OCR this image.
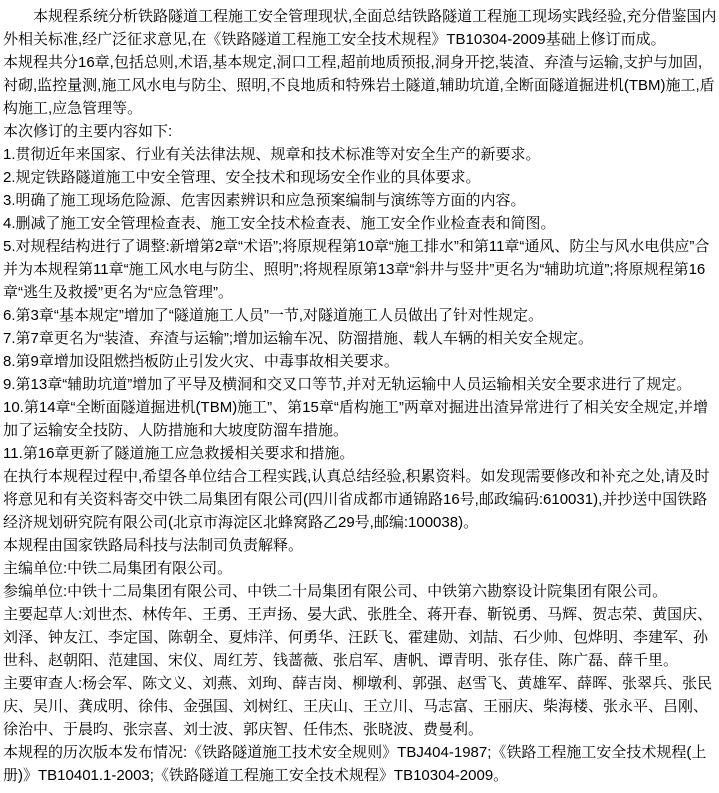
本规程系统分析铁路隧道工程施工安全管理现状,全面总结铁路隧道工程施工现场实践经验,充分借鉴国内外相关标准,经广泛征求意见,在《铁路隧道工程施工安全技术规程》TB10304-2009基础上修订而成。

本规程共分16章,包括总则,术语,基本规定,洞口工程,超前地质预报,洞身开挖,装渣、弃渣与运输,支护与加固,衬砌,监控量测,施工风水电与防尘、照明,不良地质和特殊岩土隧道,辅助坑道,全断面隧道掘进机(TBM)施工,盾构施工,应急管理等。

本次修订的主要内容如下:

1.贯彻近年来国家、行业有关法律法规、规章和技术标准等对安全生产的新要求。

2.规定铁路隧道施工中安全管理、安全技术和现场安全作业的具体要求。

3.明确了施工现场危险源、危害因素辨识和应急预案编制与演练等方面的内容。

4.删减了施工安全管理检查表、施工安全技术检查表、施工安全作业检查表和简图。

5.对规程结构进行了调整:新增第2章“术语”;将原规程第10章“施工排水”和第11章“通风、防尘与风水电供应”合并为本规程第11章“施工风水电与防尘、照明”;将规程原第13章“斜井与竖井”更名为“辅助坑道”;将原规程第16章“逃生及救援”更名为“应急管理”。

6.第3章“基本规定”增加了“隧道施工人员”一节,对隧道施工人员做出了针对性规定。

7.第7章更名为“装渣、弃渣与运输”;增加运输车况、防溜措施、载人车辆的相关安全规定。

8.第9章增加设阻燃挡板防止引发火灾、中毒事故相关要求。

9.第13章“辅助坑道”增加了平导及横洞和交叉口等节,并对无轨运输中人员运输相关安全要求进行了规定。

10.第14章“全断面隧道掘进机(TBM)施工”、第15章“盾构施工”两章对掘进出渣异常进行了相关安全规定,并增加了运输安全技防、人防措施和大坡度防溜车措施。

11.第16章更新了隧道施工应急救援相关要求和措施。

在执行本规程过程中,希望各单位结合工程实践,认真总结经验,积累资料。如发现需要修改和补充之处,请及时将意见和有关资料寄交中铁二局集团有限公司(四川省成都市通锦路16号,邮政编码:610031),并抄送中国铁路经济规划研究院有限公司(北京市海淀区北蜂窝路乙29号,邮编:100038)。

本规程由国家铁路局科技与法制司负责解释。

主编单位:中铁二局集团有限公司。

参编单位:中铁十二局集团有限公司、中铁二十局集团有限公司、中铁第六勘察设计院集团有限公司。

主要起草人:刘世杰、林传年、王勇、王声扬、晏大武、张胜全、蒋开春、靳锐勇、马辉、贺志荣、黄国庆、刘泽、钟友江、李定国、陈朝全、夏炜洋、何勇华、汪跃飞、霍建勋、刘喆、石少帅、包烨明、李建军、孙世科、赵朝阳、范建国、宋仪、周红芳、钱蔷薇、张启军、唐帆、谭青明、张存佳、陈广磊、薛千里。

主要审查人:杨会军、陈文义、刘燕、刘珣、薛吉岗、柳墩利、郭强、赵雪飞、黄雄军、薛晖、张翠兵、张民庆、吴川、龚成明、徐伟、金强国、刘树红、王庆山、王立川、马志富、王丽庆、柴海楼、张永平、吕刚、徐治中、于晨昀、张宗喜、刘士波、郭庆智、任伟杰、张晓波、费曼利。

本规程的历次版本发布情况:《铁路隧道施工技术安全规则》TBJ404-1987;《铁路工程施工安全技术规程(上册)》TB10401.1-2003;《铁路隧道工程施工安全技术规程》TB10304-2009。
